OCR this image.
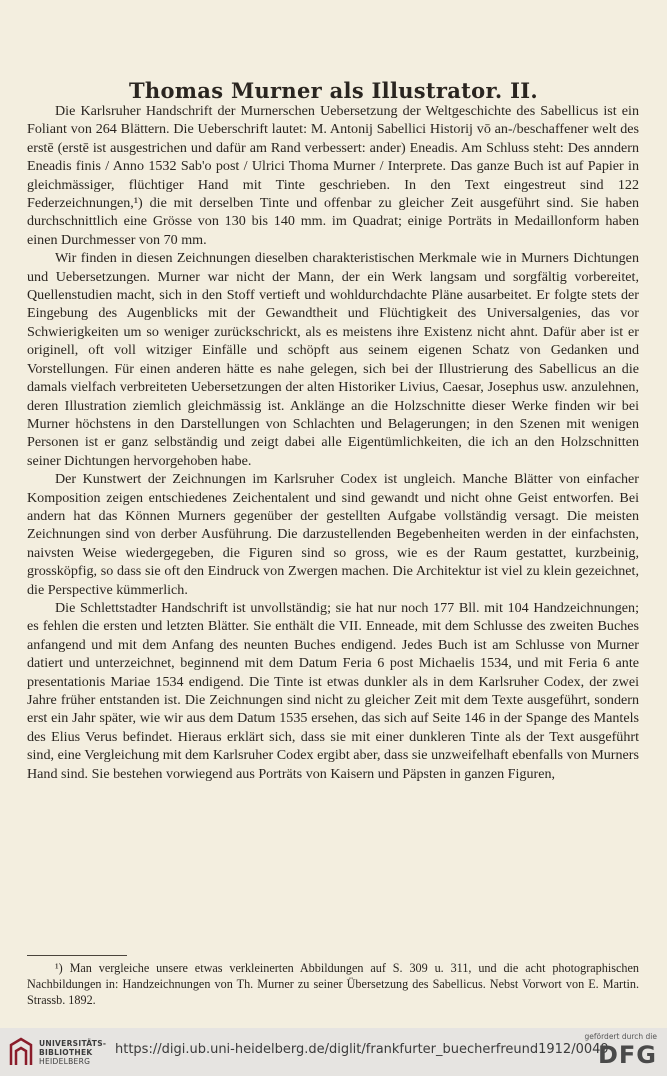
Thomas Murner als Illustrator. II.

Die Karlsruher Handschrift der Murnerschen Uebersetzung der Weltgeschichte des Sabellicus ist ein Foliant von 264 Blättern. Die Ueberschrift lautet: M. Antonij Sabellici Historij vō an-/beschaffener welt des erstē (erstē ist ausgestrichen und dafür am Rand verbessert: ander) Eneadis. Am Schluss steht: Des anndern Eneadis finis / Anno 1532 Sab'o post / Ulrici Thoma Murner / Interprete. Das ganze Buch ist auf Papier in gleichmässiger, flüchtiger Hand mit Tinte geschrieben. In den Text eingestreut sind 122 Federzeichnungen,¹) die mit derselben Tinte und offenbar zu gleicher Zeit ausgeführt sind. Sie haben durchschnittlich eine Grösse von 130 bis 140 mm. im Quadrat; einige Porträts in Medaillonform haben einen Durchmesser von 70 mm.

Wir finden in diesen Zeichnungen dieselben charakteristischen Merkmale wie in Murners Dichtungen und Uebersetzungen. Murner war nicht der Mann, der ein Werk langsam und sorgfältig vorbereitet, Quellenstudien macht, sich in den Stoff vertieft und wohldurchdachte Pläne ausarbeitet. Er folgte stets der Eingebung des Augenblicks mit der Gewandtheit und Flüchtigkeit des Universalgenies, das vor Schwierigkeiten um so weniger zurückschrickt, als es meistens ihre Existenz nicht ahnt. Dafür aber ist er originell, oft voll witziger Einfälle und schöpft aus seinem eigenen Schatz von Gedanken und Vorstellungen. Für einen anderen hätte es nahe gelegen, sich bei der Illustrierung des Sabellicus an die damals vielfach verbreiteten Uebersetzungen der alten Historiker Livius, Caesar, Josephus usw. anzulehnen, deren Illustration ziemlich gleichmässig ist. Anklänge an die Holzschnitte dieser Werke finden wir bei Murner höchstens in den Darstellungen von Schlachten und Belagerungen; in den Szenen mit wenigen Personen ist er ganz selbständig und zeigt dabei alle Eigentümlichkeiten, die ich an den Holzschnitten seiner Dichtungen hervorgehoben habe.

Der Kunstwert der Zeichnungen im Karlsruher Codex ist ungleich. Manche Blätter von einfacher Komposition zeigen entschiedenes Zeichentalent und sind gewandt und nicht ohne Geist entworfen. Bei andern hat das Können Murners gegenüber der gestellten Aufgabe vollständig versagt. Die meisten Zeichnungen sind von derber Ausführung. Die darzustellenden Begebenheiten werden in der einfachsten, naivsten Weise wiedergegeben, die Figuren sind so gross, wie es der Raum gestattet, kurzbeinig, grossköpfig, so dass sie oft den Eindruck von Zwergen machen. Die Architektur ist viel zu klein gezeichnet, die Perspective kümmerlich.

Die Schlettstadter Handschrift ist unvollständig; sie hat nur noch 177 Bll. mit 104 Handzeichnungen; es fehlen die ersten und letzten Blätter. Sie enthält die VII. Enneade, mit dem Schlusse des zweiten Buches anfangend und mit dem Anfang des neunten Buches endigend. Jedes Buch ist am Schlusse von Murner datiert und unterzeichnet, beginnend mit dem Datum Feria 6 post Michaelis 1534, und mit Feria 6 ante presentationis Mariae 1534 endigend. Die Tinte ist etwas dunkler als in dem Karlsruher Codex, der zwei Jahre früher entstanden ist. Die Zeichnungen sind nicht zu gleicher Zeit mit dem Texte ausgeführt, sondern erst ein Jahr später, wie wir aus dem Datum 1535 ersehen, das sich auf Seite 146 in der Spange des Mantels des Elius Verus befindet. Hieraus erklärt sich, dass sie mit einer dunkleren Tinte als der Text ausgeführt sind, eine Vergleichung mit dem Karlsruher Codex ergibt aber, dass sie unzweifelhaft ebenfalls von Murners Hand sind. Sie bestehen vorwiegend aus Porträts von Kaisern und Päpsten in ganzen Figuren,

¹) Man vergleiche unsere etwas verkleinerten Abbildungen auf S. 309 u. 311, und die acht photographischen Nachbildungen in: Handzeichnungen von Th. Murner zu seiner Übersetzung des Sabellicus. Nebst Vorwort von E. Martin. Strassb. 1892.
UNIVERSITÄTS-
BIBLIOTHEK
HEIDELBERG
https://digi.ub.uni-heidelberg.de/diglit/frankfurter_buecherfreund1912/0049
gefördert durch die
DFG
